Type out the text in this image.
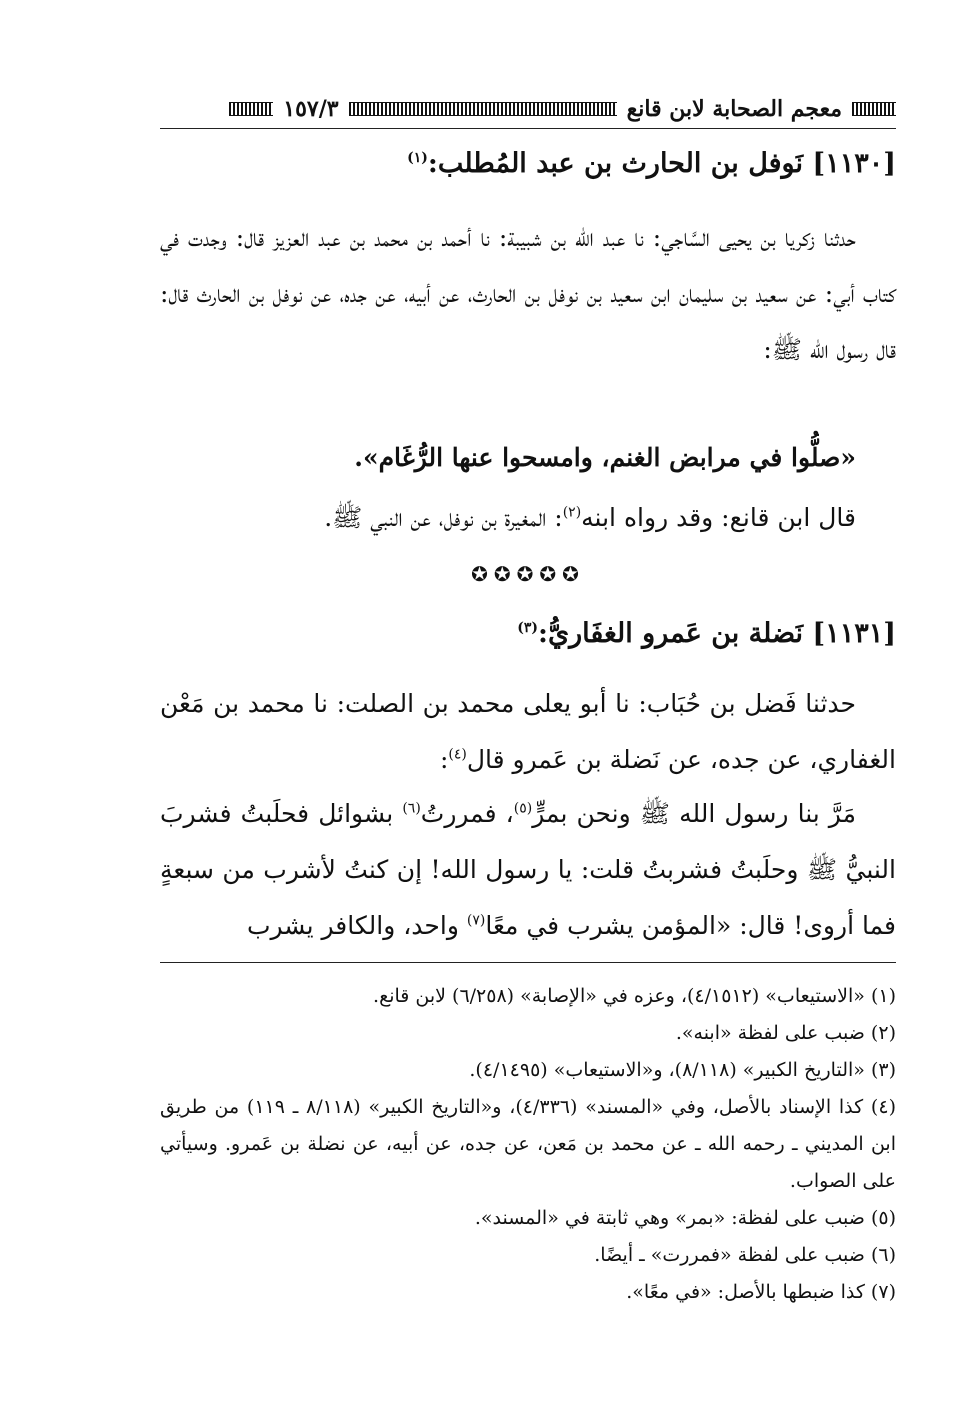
معجم الصحابة لابن قانع
١٥٧/٣
[١١٣٠] نَوفل بن الحارث بن عبد المُطلب:$^{(١)}$
حدثنا زكريا بن يحيى السَّاجي: نا عبد الله بن شبيبة: نا أحمد بن محمد بن عبد العزيز قال: وجدت في كتاب أبي: عن سعيد بن سليمان ابن سعيد بن نوفل بن الحارث، عن أبيه، عن جده، عن نوفل بن الحارث قال: قال رسول الله ﷺ:
«صلُّوا في مرابض الغنم، وامسحوا عنها الرُّغَام».
قال ابن قانع: وقد رواه ابنه$^{(٢)}$: المغيرة بن نوفل، عن النبي ﷺ.
✪✪✪✪✪
[١١٣١] نَضلة بن عَمرو الغفَاريُّ:$^{(٣)}$
حدثنا فَضل بن حُبَاب: نا أبو يعلى محمد بن الصلت: نا محمد بن مَعْن الغفاري، عن جده، عن نَضلة بن عَمرو قال$^{(٤)}$:
مَرَّ بنا رسول الله ﷺ ونحن بمرٍّ$^{(٥)}$، فمررتُ$^{(٦)}$ بشوائل فحلَبتُ فشربَ النبيُّ ﷺ وحلَبتُ فشربتُ قلت: يا رسول الله! إن كنتُ لأشرب من سبعةٍ فما أروى! قال: «المؤمن يشرب في معًا$^{(٧)}$ واحد، والكافر يشرب

(١) «الاستيعاب» (٤/١٥١٢)، وعزه في «الإصابة» (٦/٢٥٨) لابن قانع.

(٢) ضبب على لفظة «ابنه».

(٣) «التاريخ الكبير» (٨/١١٨)، و«الاستيعاب» (٤/١٤٩٥).

(٤) كذا الإسناد بالأصل، وفي «المسند» (٤/٣٣٦)، و«التاريخ الكبير» (٨/١١٨ ـ ١١٩) من طريق ابن المديني ـ رحمه الله ـ عن محمد بن مَعن، عن جده، عن أبيه، عن نضلة بن عَمرو. وسيأتي على الصواب.

(٥) ضبب على لفظة: «بمر» وهي ثابتة في «المسند».

(٦) ضبب على لفظة «فمررت» ـ أيضًا.

(٧) كذا ضبطها بالأصل: «في معًا».
